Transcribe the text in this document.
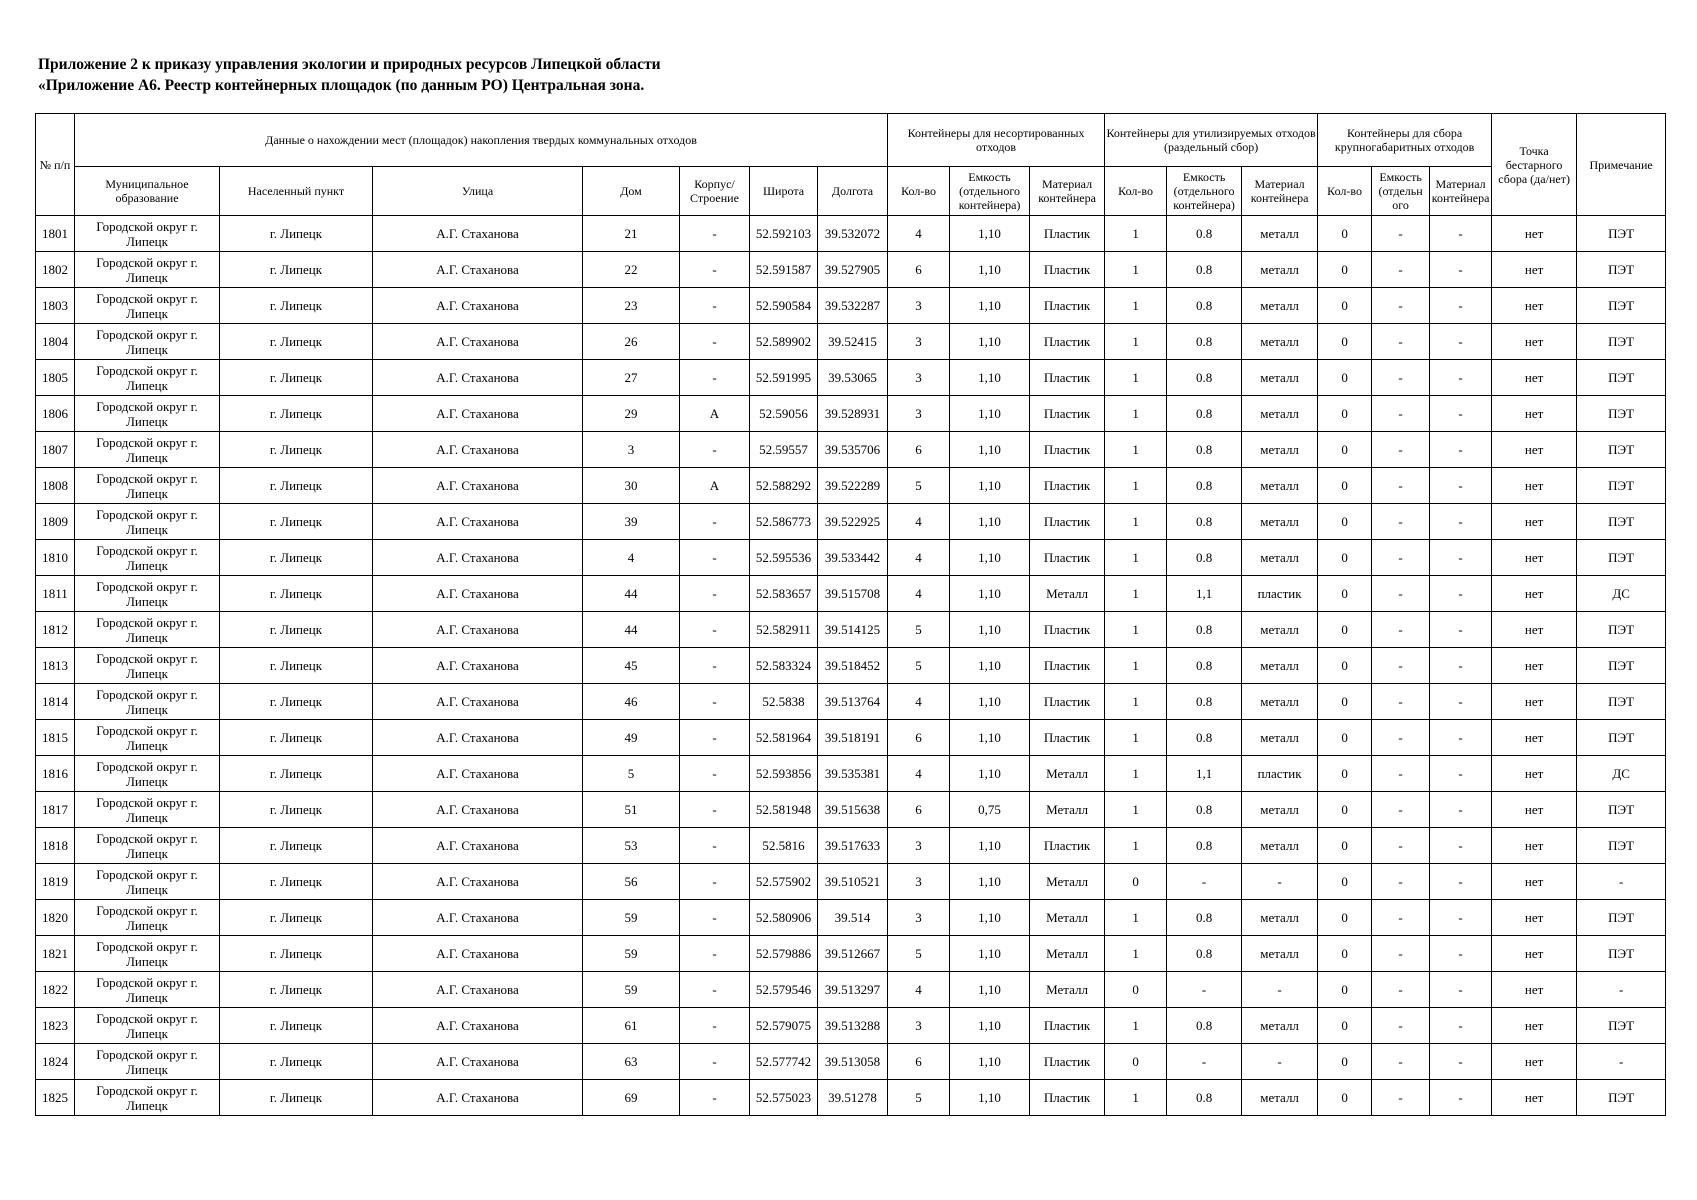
Приложение 2 к приказу управления экологии и природных ресурсов Липецкой области
«Приложение А6. Реестр контейнерных площадок (по данным РО) Центральная зона.
№ п/п	Данные о нахождении мест (площадок) накопления твердых коммунальных отходов							Контейнеры для несортированных отходов			Контейнеры для утилизируемых отходов (раздельный сбор)			Контейнеры для сбора крупногабаритных отходов			Точка бестарного сбора (да/нет)	Примечание
	Муниципальное образование	Населенный пункт	Улица	Дом	Корпус/ Строение	Широта	Долгота	Кол-во	Емкость (отдельного контейнера)	Материал контейнера	Кол-во	Емкость (отдельного контейнера)	Материал контейнера	Кол-во	Емкость (отдельн ого	Материал контейнера		
1801	Городской округ г. Липецк	г. Липецк	А.Г. Стаханова	21	-	52.592103	39.532072	4	1,10	Пластик	1	0.8	металл	0	-	-	нет	ПЭТ
1802	Городской округ г. Липецк	г. Липецк	А.Г. Стаханова	22	-	52.591587	39.527905	6	1,10	Пластик	1	0.8	металл	0	-	-	нет	ПЭТ
1803	Городской округ г. Липецк	г. Липецк	А.Г. Стаханова	23	-	52.590584	39.532287	3	1,10	Пластик	1	0.8	металл	0	-	-	нет	ПЭТ
1804	Городской округ г. Липецк	г. Липецк	А.Г. Стаханова	26	-	52.589902	39.52415	3	1,10	Пластик	1	0.8	металл	0	-	-	нет	ПЭТ
1805	Городской округ г. Липецк	г. Липецк	А.Г. Стаханова	27	-	52.591995	39.53065	3	1,10	Пластик	1	0.8	металл	0	-	-	нет	ПЭТ
1806	Городской округ г. Липецк	г. Липецк	А.Г. Стаханова	29	А	52.59056	39.528931	3	1,10	Пластик	1	0.8	металл	0	-	-	нет	ПЭТ
1807	Городской округ г. Липецк	г. Липецк	А.Г. Стаханова	3	-	52.59557	39.535706	6	1,10	Пластик	1	0.8	металл	0	-	-	нет	ПЭТ
1808	Городской округ г. Липецк	г. Липецк	А.Г. Стаханова	30	А	52.588292	39.522289	5	1,10	Пластик	1	0.8	металл	0	-	-	нет	ПЭТ
1809	Городской округ г. Липецк	г. Липецк	А.Г. Стаханова	39	-	52.586773	39.522925	4	1,10	Пластик	1	0.8	металл	0	-	-	нет	ПЭТ
1810	Городской округ г. Липецк	г. Липецк	А.Г. Стаханова	4	-	52.595536	39.533442	4	1,10	Пластик	1	0.8	металл	0	-	-	нет	ПЭТ
1811	Городской округ г. Липецк	г. Липецк	А.Г. Стаханова	44	-	52.583657	39.515708	4	1,10	Металл	1	1,1	пластик	0	-	-	нет	ДС
1812	Городской округ г. Липецк	г. Липецк	А.Г. Стаханова	44	-	52.582911	39.514125	5	1,10	Пластик	1	0.8	металл	0	-	-	нет	ПЭТ
1813	Городской округ г. Липецк	г. Липецк	А.Г. Стаханова	45	-	52.583324	39.518452	5	1,10	Пластик	1	0.8	металл	0	-	-	нет	ПЭТ
1814	Городской округ г. Липецк	г. Липецк	А.Г. Стаханова	46	-	52.5838	39.513764	4	1,10	Пластик	1	0.8	металл	0	-	-	нет	ПЭТ
1815	Городской округ г. Липецк	г. Липецк	А.Г. Стаханова	49	-	52.581964	39.518191	6	1,10	Пластик	1	0.8	металл	0	-	-	нет	ПЭТ
1816	Городской округ г. Липецк	г. Липецк	А.Г. Стаханова	5	-	52.593856	39.535381	4	1,10	Металл	1	1,1	пластик	0	-	-	нет	ДС
1817	Городской округ г. Липецк	г. Липецк	А.Г. Стаханова	51	-	52.581948	39.515638	6	0,75	Металл	1	0.8	металл	0	-	-	нет	ПЭТ
1818	Городской округ г. Липецк	г. Липецк	А.Г. Стаханова	53	-	52.5816	39.517633	3	1,10	Пластик	1	0.8	металл	0	-	-	нет	ПЭТ
1819	Городской округ г. Липецк	г. Липецк	А.Г. Стаханова	56	-	52.575902	39.510521	3	1,10	Металл	0	-	-	0	-	-	нет	-
1820	Городской округ г. Липецк	г. Липецк	А.Г. Стаханова	59	-	52.580906	39.514	3	1,10	Металл	1	0.8	металл	0	-	-	нет	ПЭТ
1821	Городской округ г. Липецк	г. Липецк	А.Г. Стаханова	59	-	52.579886	39.512667	5	1,10	Металл	1	0.8	металл	0	-	-	нет	ПЭТ
1822	Городской округ г. Липецк	г. Липецк	А.Г. Стаханова	59	-	52.579546	39.513297	4	1,10	Металл	0	-	-	0	-	-	нет	-
1823	Городской округ г. Липецк	г. Липецк	А.Г. Стаханова	61	-	52.579075	39.513288	3	1,10	Пластик	1	0.8	металл	0	-	-	нет	ПЭТ
1824	Городской округ г. Липецк	г. Липецк	А.Г. Стаханова	63	-	52.577742	39.513058	6	1,10	Пластик	0	-	-	0	-	-	нет	-
1825	Городской округ г. Липецк	г. Липецк	А.Г. Стаханова	69	-	52.575023	39.51278	5	1,10	Пластик	1	0.8	металл	0	-	-	нет	ПЭТ
